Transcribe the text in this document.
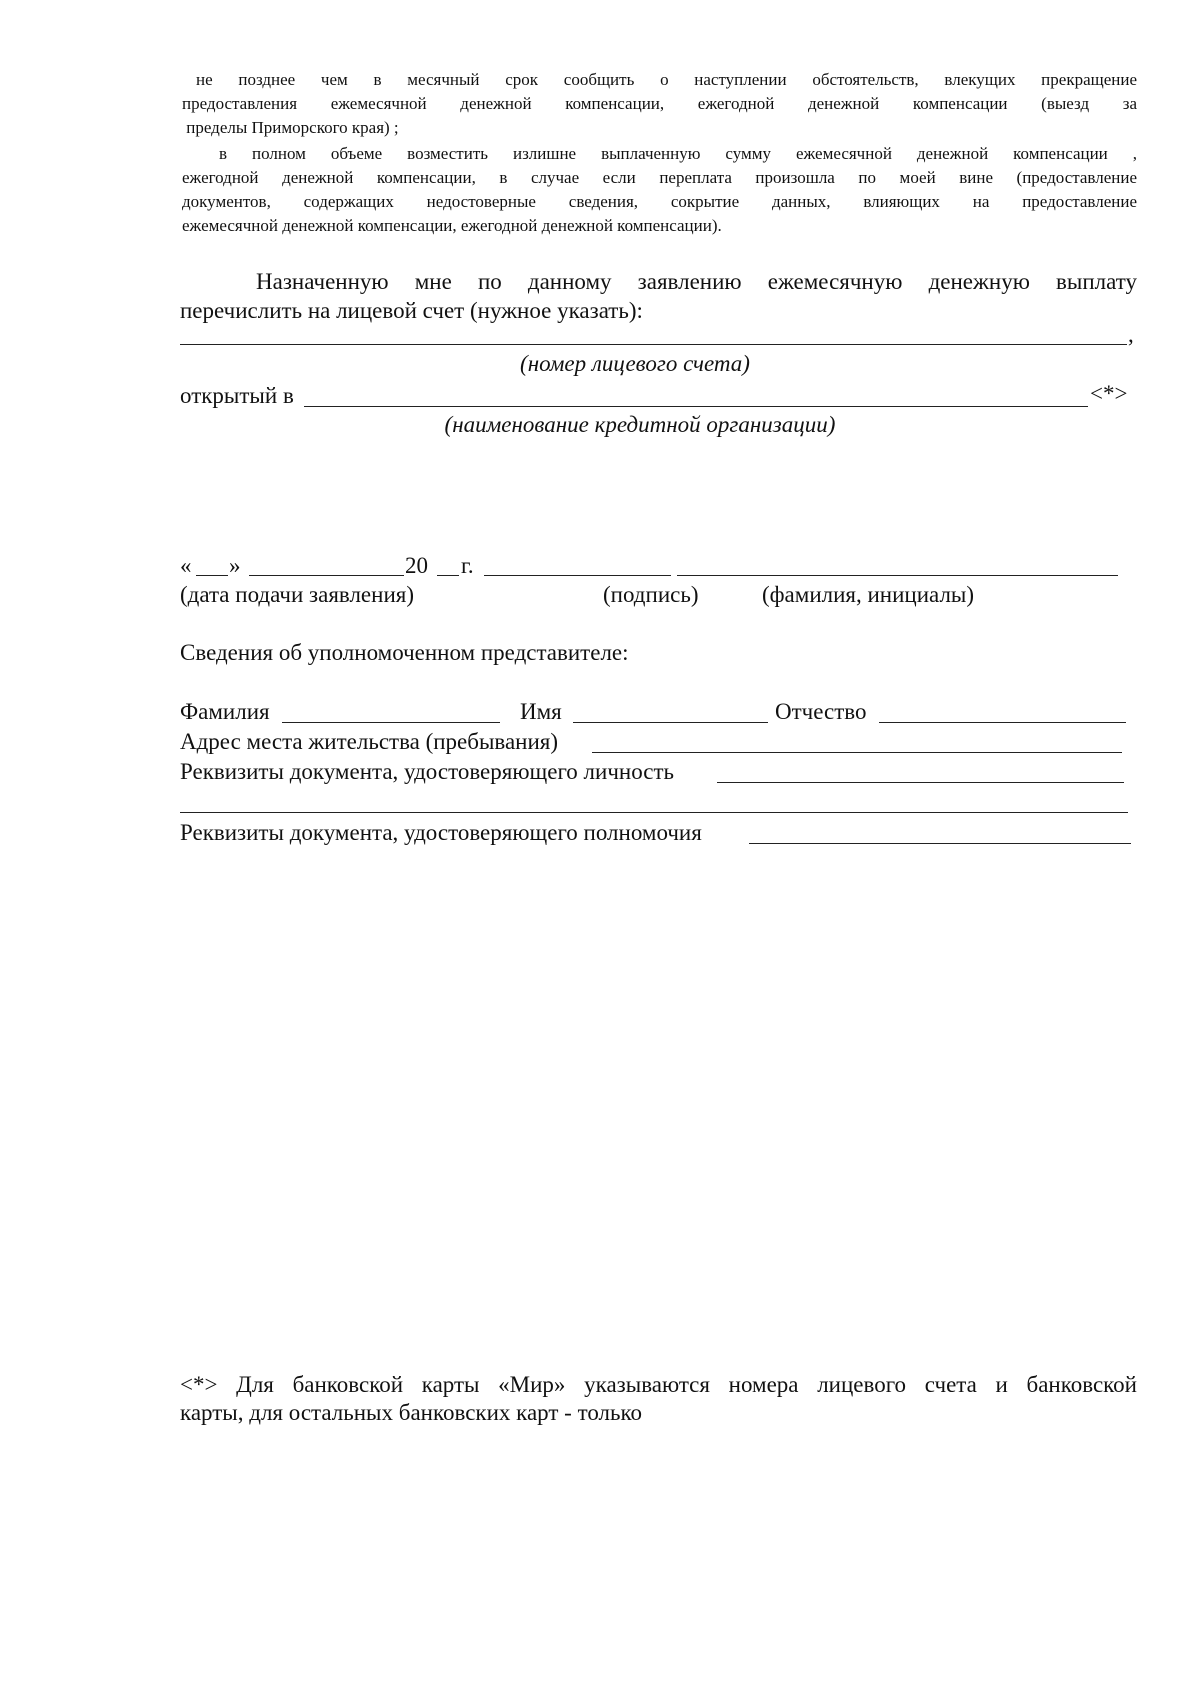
не позднее чем в месячный срок сообщить о наступлении обстоятельств, влекущих прекращение
предоставления ежемесячной денежной компенсации, ежегодной денежной компенсации (выезд за
пределы Приморского края) ;
в полном объеме возместить излишне выплаченную сумму ежемесячной денежной компенсации ,
ежегодной денежной компенсации, в случае если переплата произошла по моей вине (предоставление
документов, содержащих недостоверные сведения, сокрытие данных, влияющих на предоставление
ежемесячной денежной компенсации, ежегодной денежной компенсации).
Назначенную мне по данному заявлению ежемесячную денежную выплату
перечислить на лицевой счет (нужное указать):
,
(номер лицевого счета)
открытый в	<*>
(наименование кредитной организации)
« »	20 г.
(дата подачи заявления)	(подпись)	(фамилия, инициалы)
Сведения об уполномоченном представителе:
Фамилия	Имя	Отчество
Адрес места жительства (пребывания)
Реквизиты документа, удостоверяющего личность
Реквизиты документа, удостоверяющего полномочия
<*> Для банковской карты «Мир» указываются номера лицевого счета и банковской
карты, для остальных банковских карт - только
